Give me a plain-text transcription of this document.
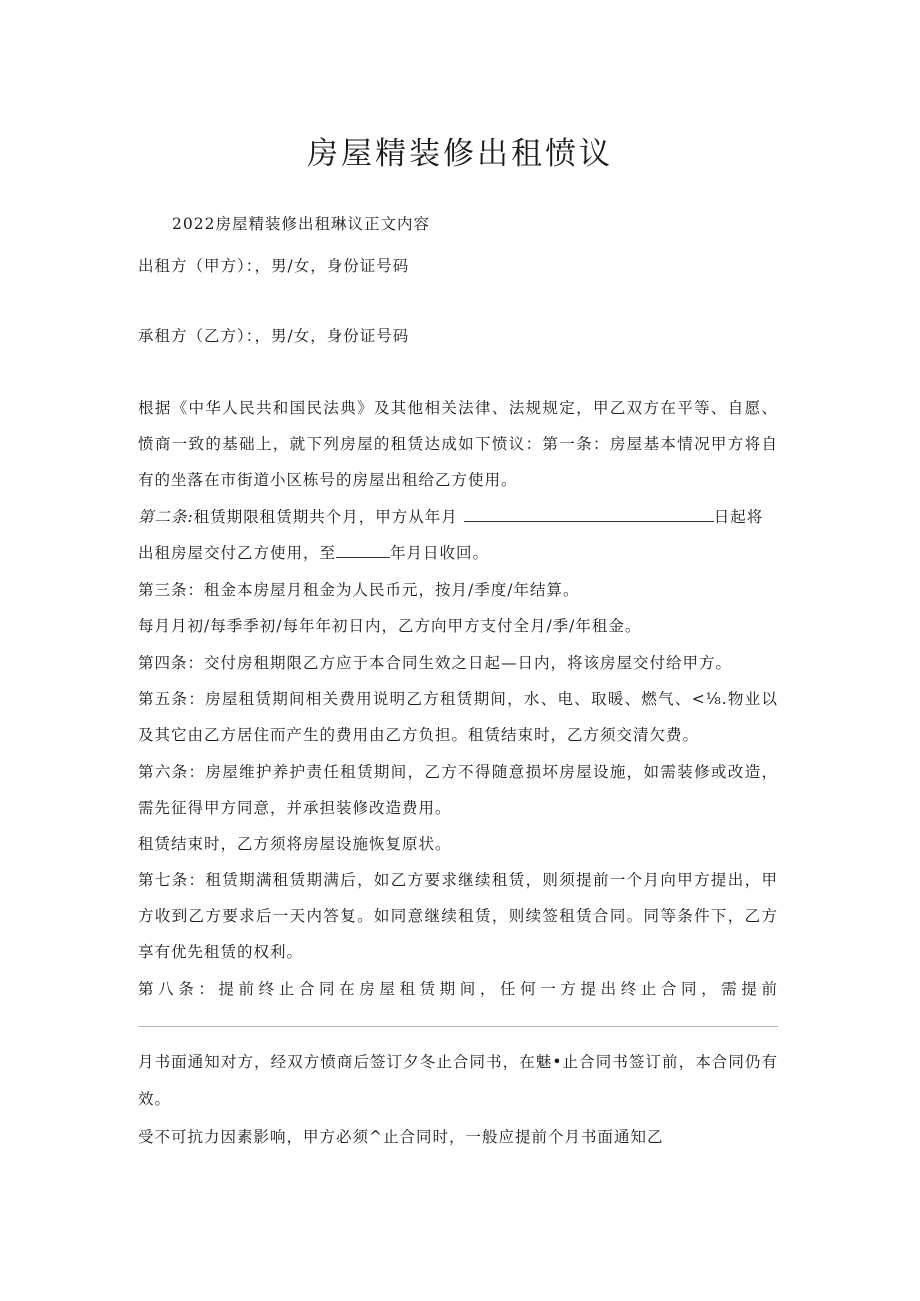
房屋精装修出租愤议

2022房屋精装修出租琳议正文内容

出租方（甲方）：，男/女，身份证号码

承租方（乙方）：，男/女，身份证号码

根据《中华人民共和国民法典》及其他相关法律、法规规定，甲乙双方在平等、自愿、

愤商一致的基础上，就下列房屋的租赁达成如下愤议：第一条：房屋基本情况甲方将自

有的坐落在市街道小区栋号的房屋出租给乙方使用。

第二条:租赁期限租赁期共个月，甲方从年月	日起将

出租房屋交付乙方使用，至	年月日收回。

第三条：租金本房屋月租金为人民币元，按月/季度/年结算。

每月月初/每季季初/每年年初日内，乙方向甲方支付全月/季/年租金。

第四条：交付房租期限乙方应于本合同生效之日起—日内，将该房屋交付给甲方。

第五条：房屋租赁期间相关费用说明乙方租赁期间，水、电、取暖、燃气、<⅛.物业以

及其它由乙方居住而产生的费用由乙方负担。租赁结束时，乙方须交清欠费。

第六条：房屋维护养护责任租赁期间，乙方不得随意损坏房屋设施，如需装修或改造，

需先征得甲方同意，并承担装修改造费用。

租赁结束时，乙方须将房屋设施恢复原状。

第七条：租赁期满租赁期满后，如乙方要求继续租赁，则须提前一个月向甲方提出，甲

方收到乙方要求后一天内答复。如同意继续租赁，则续签租赁合同。同等条件下，乙方

享有优先租赁的权利。

第八条：提前终止合同在房屋租赁期间，任何一方提出终止合同，需提前

月书面通知对方，经双方愤商后签订夕冬止合同书，在魅•止合同书签订前，本合同仍有

效。

受不可抗力因素影响，甲方必须^止合同时，一般应提前个月书面通知乙
